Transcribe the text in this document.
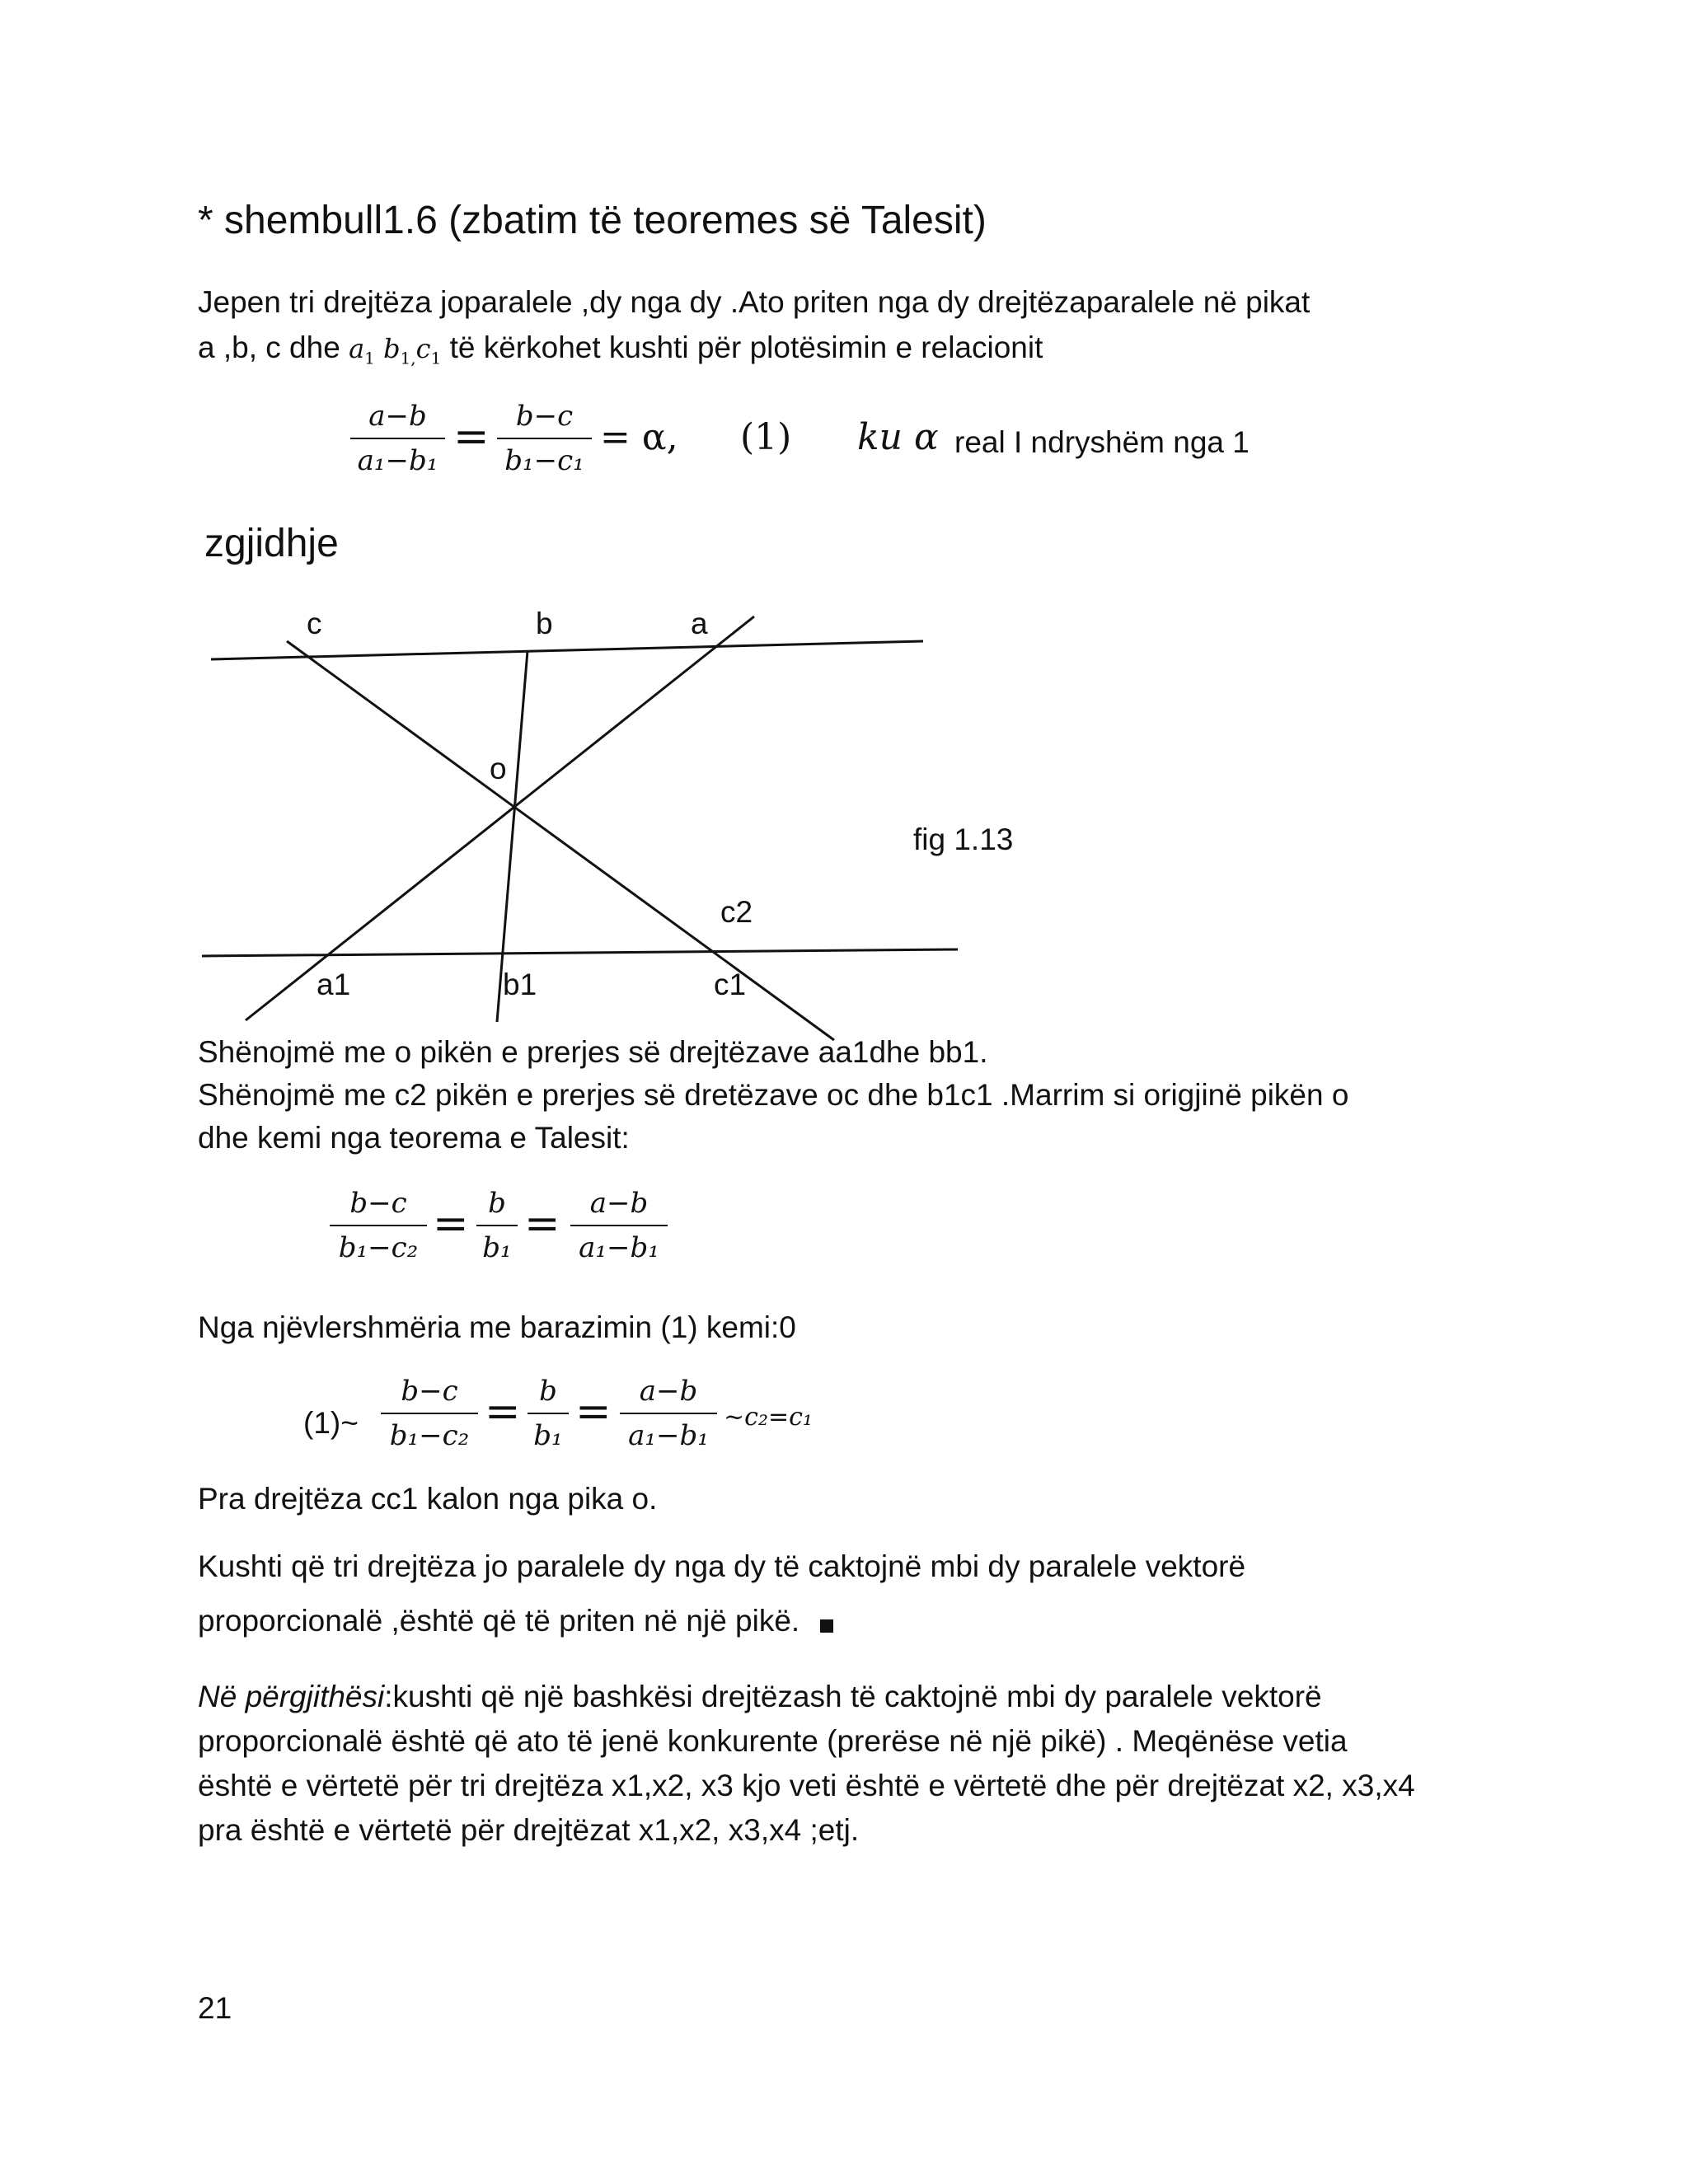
* shembull1.6 (zbatim të teoremes së Talesit)
Jepen tri drejtëza joparalele ,dy nga dy .Ato priten nga dy drejtëzaparalele në pikat
a ,b, c dhe $a_1$ $b_{1,}c_1$ të kërkohet kushti për plotësimin e relacionit
a−b
a₁−b₁ = b−c
b₁−c₁
= α, (1) ku α real I ndryshëm nga 1
zgjidhje
c	b	a
o
fig 1.13
c2
a1	b1	c1
Shënojmë me o pikën e prerjes së drejtëzave aa1dhe bb1.
Shënojmë me c2 pikën e prerjes së dretëzave oc dhe b1c1 .Marrim si origjinë pikën o
dhe kemi nga teorema e Talesit:
b−c
b₁−c₂ = b
b₁ =	a−b
a₁−b₁
Nga njëvlershmëria me barazimin (1) kemi:0
(1)~
b−c
b₁−c₂ = b
b₁ =	a−b
a₁−b₁
~c₂=c₁
Pra drejtëza cc1 kalon nga pika o.
Kushti që tri drejtëza jo paralele dy nga dy të caktojnë mbi dy paralele vektorë
proporcionalë ,është që të priten në një pikë.
Në përgjithësi:kushti që një bashkësi drejtëzash të caktojnë mbi dy paralele vektorë
proporcionalë është që ato të jenë konkurente (prerëse në një pikë) . Meqënëse vetia
është e vërtetë për tri drejtëza x1,x2, x3 kjo veti është e vërtetë dhe për drejtëzat x2, x3,x4
pra është e vërtetë për drejtëzat x1,x2, x3,x4 ;etj.
21
